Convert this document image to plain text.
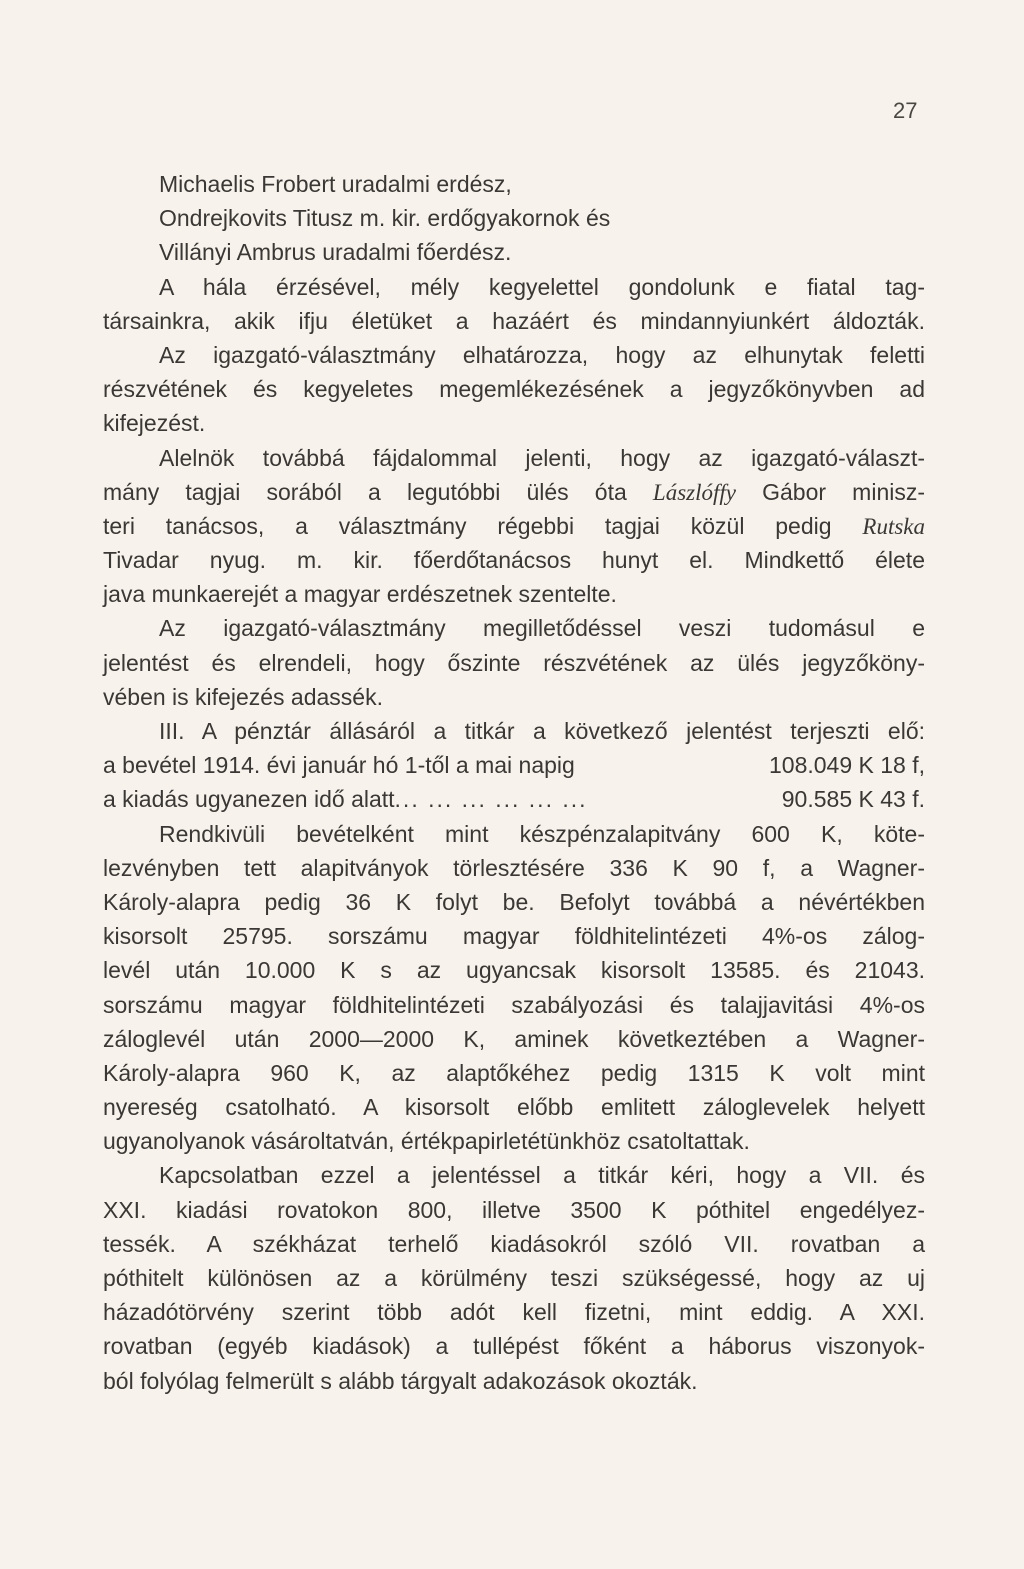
27
Michaelis Frobert uradalmi erdész,
Ondrejkovits Titusz m. kir. erdőgyakornok és
Villányi Ambrus uradalmi főerdész.
A hála érzésével, mély kegyelettel gondolunk e fiatal tag-
társainkra, akik ifju életüket a hazáért és mindannyiunkért áldozták.
Az igazgató-választmány elhatározza, hogy az elhunytak feletti
részvétének és kegyeletes megemlékezésének a jegyzőkönyvben ad
kifejezést.
Alelnök továbbá fájdalommal jelenti, hogy az igazgató-választ-
mány tagjai sorából a legutóbbi ülés óta Lászlóffy Gábor minisz-
teri tanácsos, a választmány régebbi tagjai közül pedig Rutska
Tivadar nyug. m. kir. főerdőtanácsos hunyt el. Mindkettő élete
java munkaerejét a magyar erdészetnek szentelte.
Az igazgató-választmány megilletődéssel veszi tudomásul e
jelentést és elrendeli, hogy őszinte részvétének az ülés jegyzőköny-
vében is kifejezés adassék.
III. A pénztár állásáról a titkár a következő jelentést terjeszti elő:
a bevétel 1914. évi január hó 1-től a mai napig	108.049 K 18 f,
a kiadás ugyanezen idő alatt... ... ... ... ... ...	90.585 K 43 f.
Rendkivüli bevételként mint készpénzalapitvány 600 K, köte-
lezvényben tett alapitványok törlesztésére 336 K 90 f, a Wagner-
Károly-alapra pedig 36 K folyt be. Befolyt továbbá a névértékben
kisorsolt 25795. sorszámu magyar földhitelintézeti 4%-os zálog-
levél után 10.000 K s az ugyancsak kisorsolt 13585. és 21043.
sorszámu magyar földhitelintézeti szabályozási és talajjavitási 4%-os
záloglevél után 2000—2000 K, aminek következtében a Wagner-
Károly-alapra 960 K, az alaptőkéhez pedig 1315 K volt mint
nyereség csatolható. A kisorsolt előbb emlitett záloglevelek helyett
ugyanolyanok vásároltatván, értékpapirletétünkhöz csatoltattak.
Kapcsolatban ezzel a jelentéssel a titkár kéri, hogy a VII. és
XXI. kiadási rovatokon 800, illetve 3500 K póthitel engedélyez-
tessék. A székházat terhelő kiadásokról szóló VII. rovatban a
póthitelt különösen az a körülmény teszi szükségessé, hogy az uj
házadótörvény szerint több adót kell fizetni, mint eddig. A XXI.
rovatban (egyéb kiadások) a tullépést főként a háborus viszonyok-
ból folyólag felmerült s alább tárgyalt adakozások okozták.
